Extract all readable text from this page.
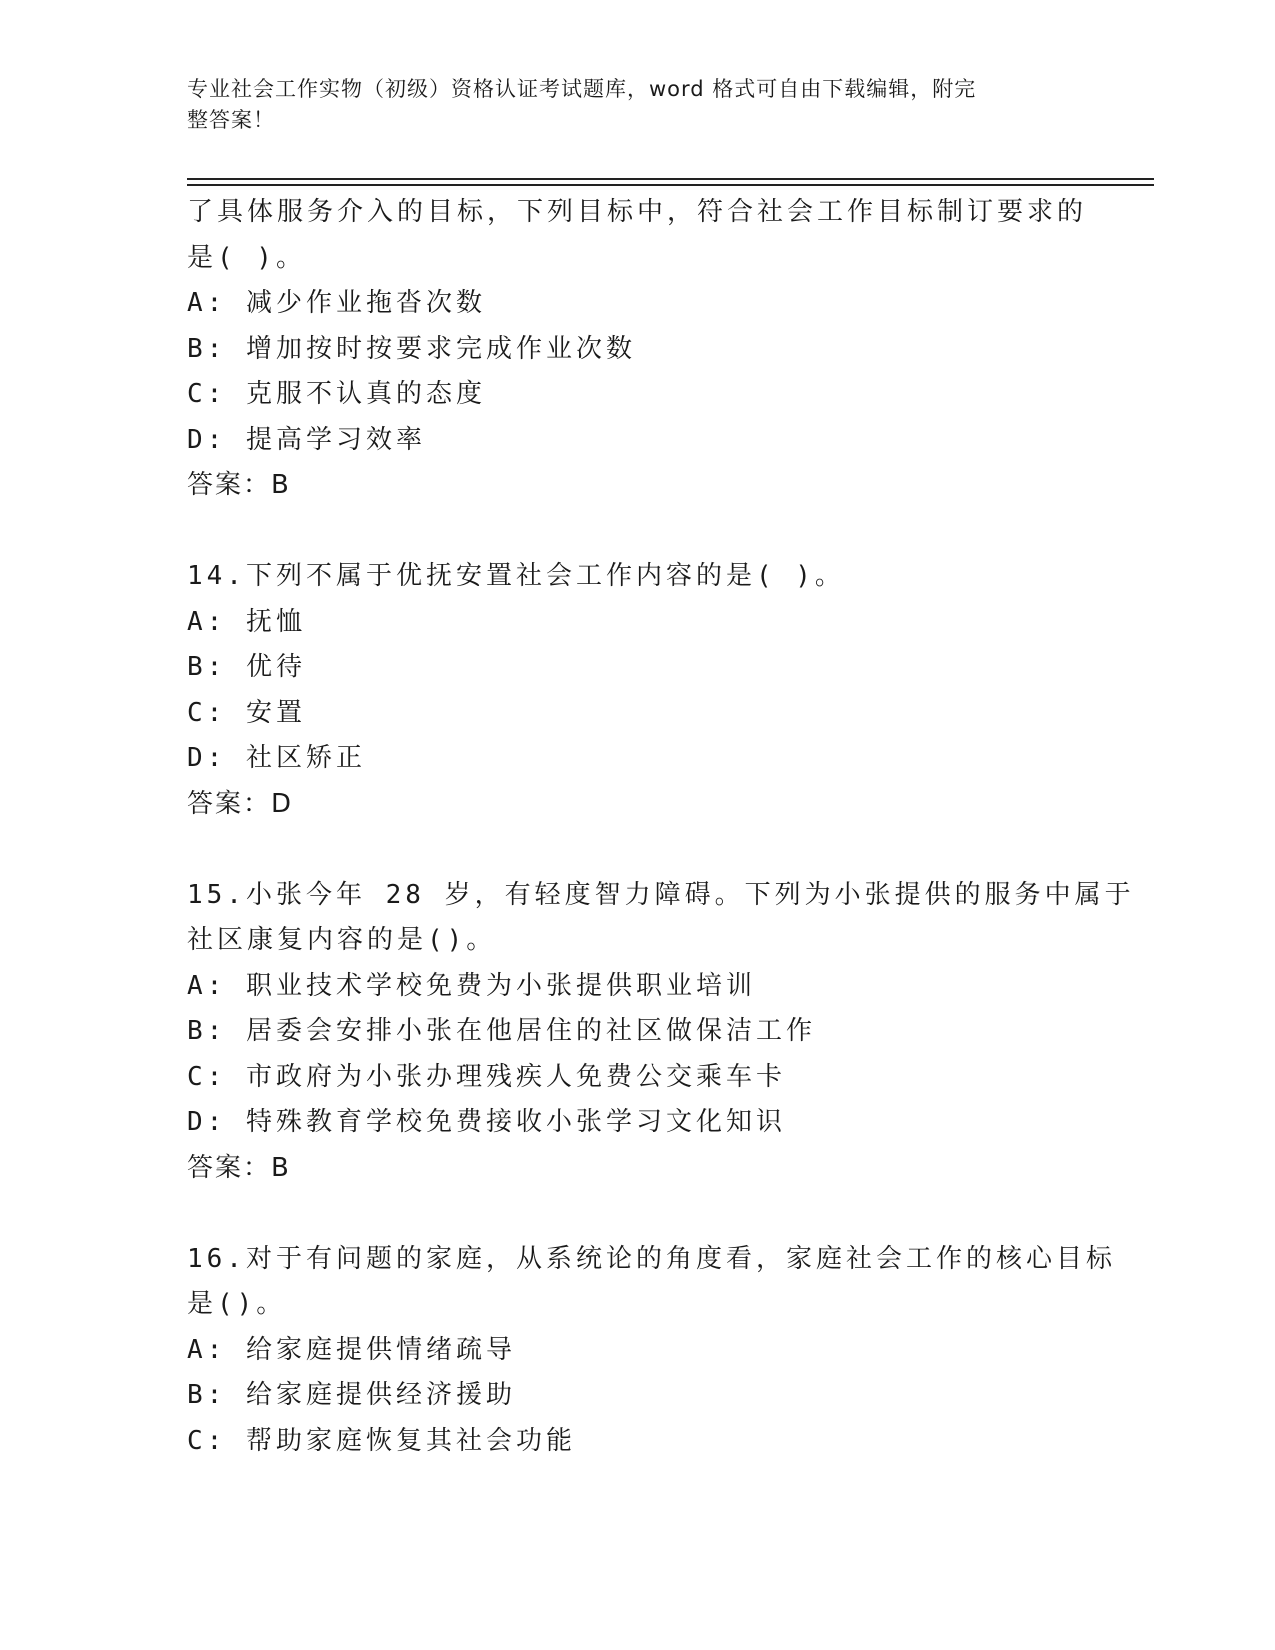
专业社会工作实物（初级）资格认证考试题库，word 格式可自由下载编辑，附完
整答案！
了具体服务介入的目标，下列目标中，符合社会工作目标制订要求的
是( )。
A: 减少作业拖沓次数
B: 增加按时按要求完成作业次数
C: 克服不认真的态度
D: 提高学习效率
答案：B
14.下列不属于优抚安置社会工作内容的是( )。
A: 抚恤
B: 优待
C: 安置
D: 社区矫正
答案：D
15.小张今年 28 岁，有轻度智力障碍。下列为小张提供的服务中属于
社区康复内容的是()。
A: 职业技术学校免费为小张提供职业培训
B: 居委会安排小张在他居住的社区做保洁工作
C: 市政府为小张办理残疾人免费公交乘车卡
D: 特殊教育学校免费接收小张学习文化知识
答案：B
16.对于有问题的家庭，从系统论的角度看，家庭社会工作的核心目标
是()。
A: 给家庭提供情绪疏导
B: 给家庭提供经济援助
C: 帮助家庭恢复其社会功能
